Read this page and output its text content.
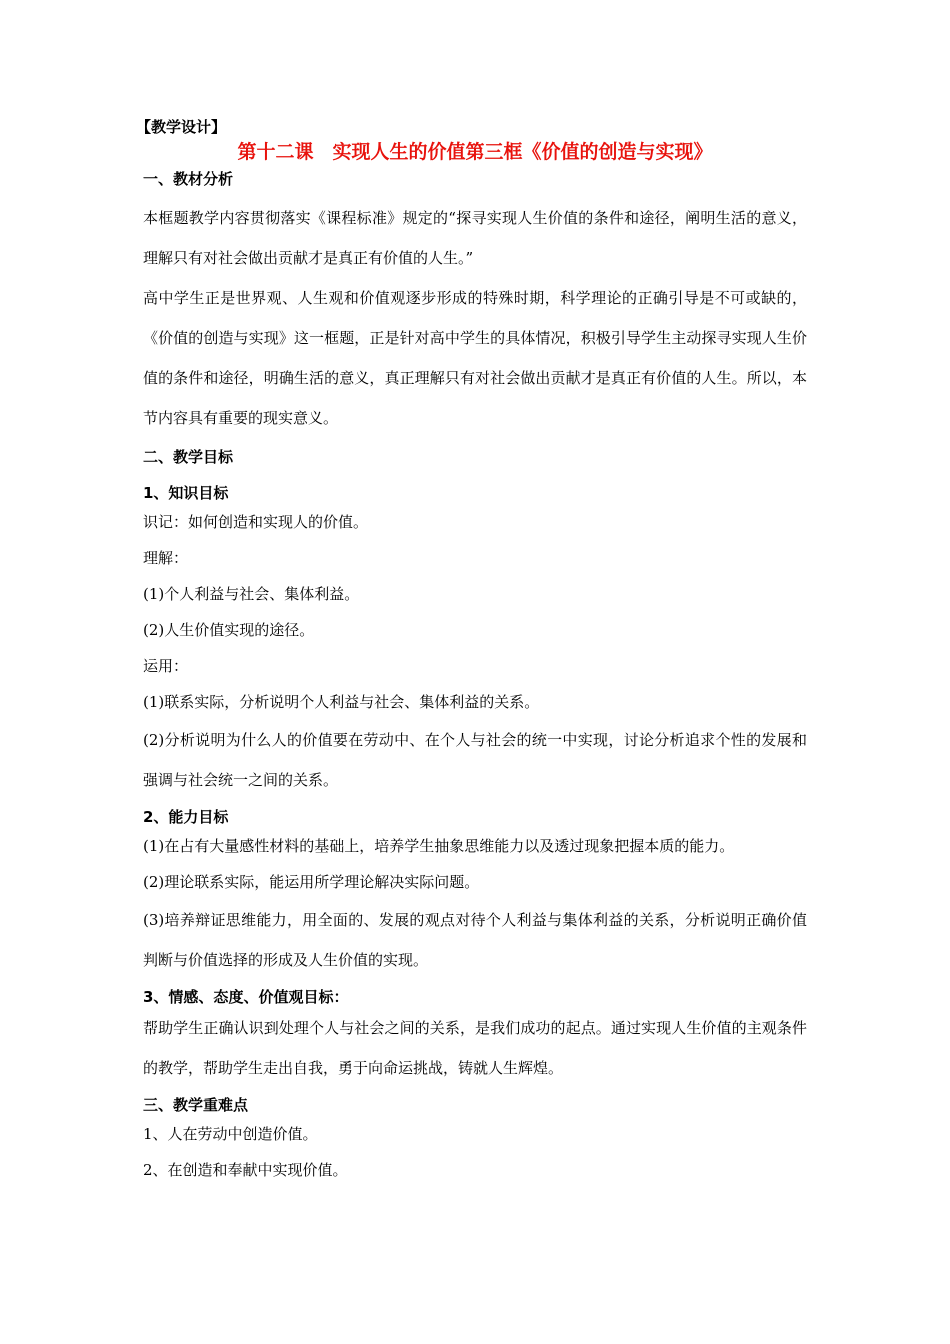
【教学设计】

第十二课　实现人生的价值第三框《价值的创造与实现》

一、教材分析

本框题教学内容贯彻落实《课程标准》规定的“探寻实现人生价值的条件和途径，阐明生活的意义，理解只有对社会做出贡献才是真正有价值的人生。”

高中学生正是世界观、人生观和价值观逐步形成的特殊时期，科学理论的正确引导是不可或缺的，《价值的创造与实现》这一框题，正是针对高中学生的具体情况，积极引导学生主动探寻实现人生价值的条件和途径，明确生活的意义，真正理解只有对社会做出贡献才是真正有价值的人生。所以，本节内容具有重要的现实意义。

二、教学目标

1、知识目标

识记：如何创造和实现人的价值。

理解：

(1)个人利益与社会、集体利益。

(2)人生价值实现的途径。

运用：

(1)联系实际，分析说明个人利益与社会、集体利益的关系。

(2)分析说明为什么人的价值要在劳动中、在个人与社会的统一中实现，讨论分析追求个性的发展和强调与社会统一之间的关系。

2、能力目标

(1)在占有大量感性材料的基础上，培养学生抽象思维能力以及透过现象把握本质的能力。

(2)理论联系实际，能运用所学理论解决实际问题。

(3)培养辩证思维能力，用全面的、发展的观点对待个人利益与集体利益的关系，分析说明正确价值判断与价值选择的形成及人生价值的实现。

3、情感、态度、价值观目标：

帮助学生正确认识到处理个人与社会之间的关系，是我们成功的起点。通过实现人生价值的主观条件的教学，帮助学生走出自我，勇于向命运挑战，铸就人生辉煌。

三、教学重难点

1、人在劳动中创造价值。

2、在创造和奉献中实现价值。
